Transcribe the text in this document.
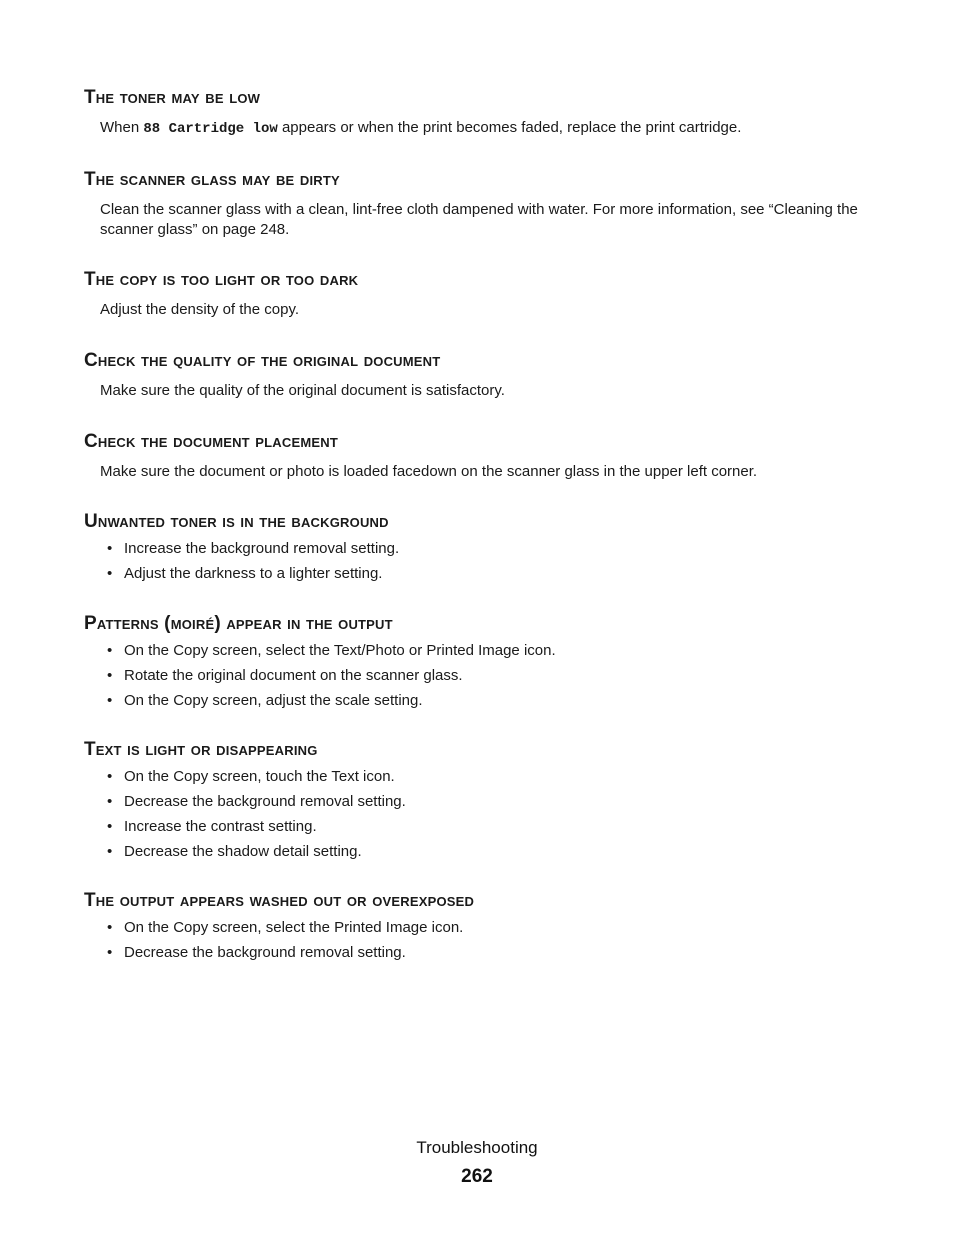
The toner may be low

When 88 Cartridge low appears or when the print becomes faded, replace the print cartridge.

The scanner glass may be dirty

Clean the scanner glass with a clean, lint-free cloth dampened with water. For more information, see “Cleaning the scanner glass” on page 248.

The copy is too light or too dark

Adjust the density of the copy.

Check the quality of the original document

Make sure the quality of the original document is satisfactory.

Check the document placement

Make sure the document or photo is loaded facedown on the scanner glass in the upper left corner.

Unwanted toner is in the background
• Increase the background removal setting.
• Adjust the darkness to a lighter setting.
Patterns (moiré) appear in the output
• On the Copy screen, select the Text/Photo or Printed Image icon.
• Rotate the original document on the scanner glass.
• On the Copy screen, adjust the scale setting.
Text is light or disappearing
• On the Copy screen, touch the Text icon.
• Decrease the background removal setting.
• Increase the contrast setting.
• Decrease the shadow detail setting.
The output appears washed out or overexposed
• On the Copy screen, select the Printed Image icon.
• Decrease the background removal setting.
Troubleshooting
262
